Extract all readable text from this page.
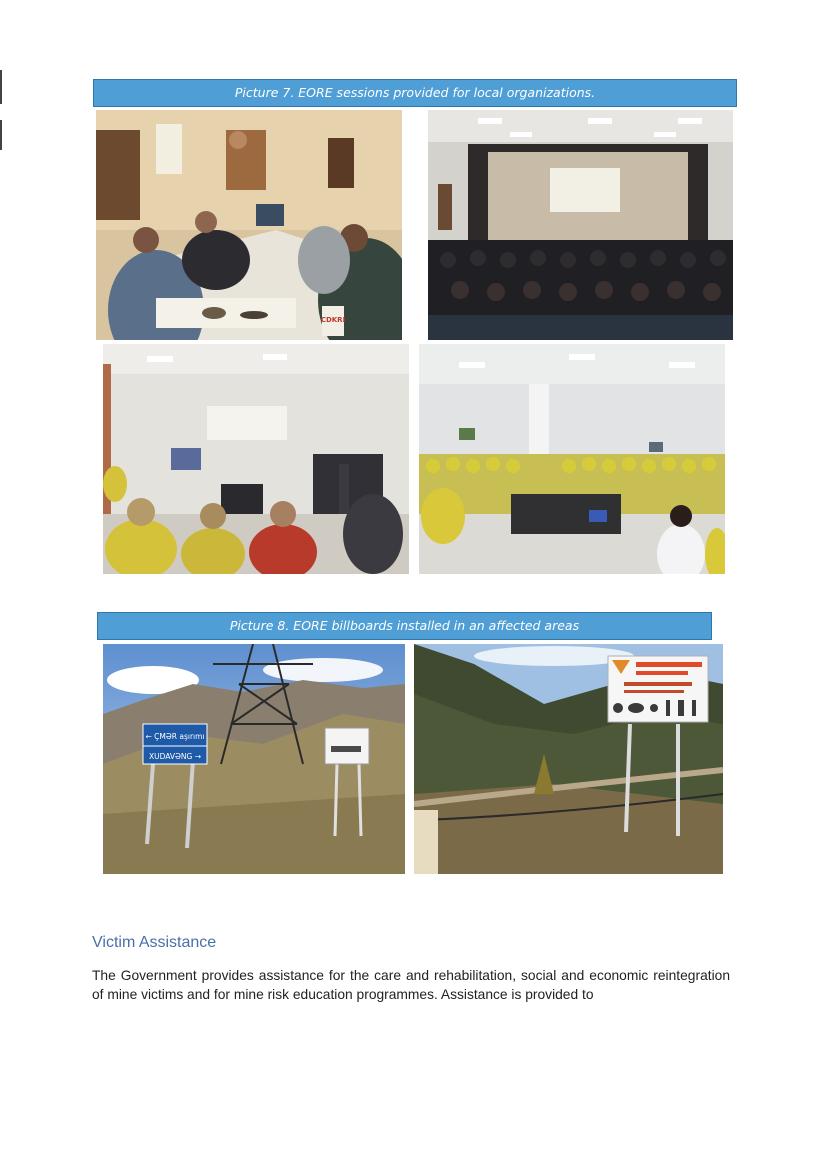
Picture 7. EORE sessions provided for local organizations.
CDKRI
Picture 8. EORE billboards installed in an affected areas
← ÇMƏR aşırımı
XUDAVƏNG →
Victim Assistance

The Government provides assistance for the care and rehabilitation, social and economic reintegration of mine victims and for mine risk education programmes. Assistance is provided to
